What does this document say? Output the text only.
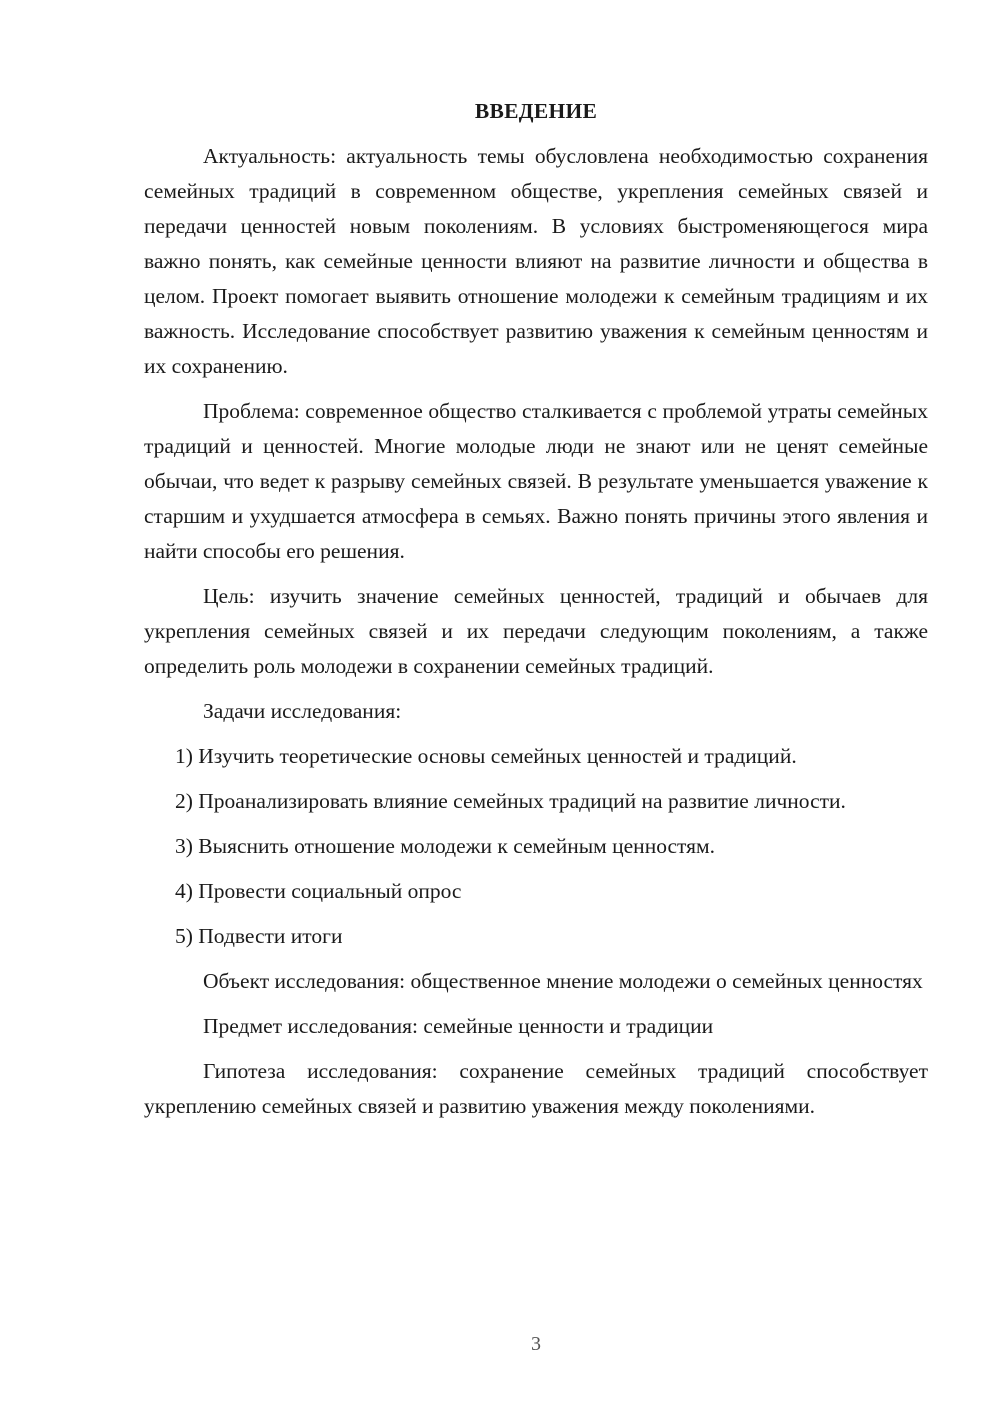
ВВЕДЕНИЕ

Актуальность: актуальность темы обусловлена необходимостью сохранения семейных традиций в современном обществе, укрепления семейных связей и передачи ценностей новым поколениям. В условиях быстроменяющегося мира важно понять, как семейные ценности влияют на развитие личности и общества в целом. Проект помогает выявить отношение молодежи к семейным традициям и их важность. Исследование способствует развитию уважения к семейным ценностям и их сохранению.

Проблема: современное общество сталкивается с проблемой утраты семейных традиций и ценностей. Многие молодые люди не знают или не ценят семейные обычаи, что ведет к разрыву семейных связей. В результате уменьшается уважение к старшим и ухудшается атмосфера в семьях. Важно понять причины этого явления и найти способы его решения.

Цель: изучить значение семейных ценностей, традиций и обычаев для укрепления семейных связей и их передачи следующим поколениям, а также определить роль молодежи в сохранении семейных традиций.

Задачи исследования:

1) Изучить теоретические основы семейных ценностей и традиций.

2) Проанализировать влияние семейных традиций на развитие личности.

3) Выяснить отношение молодежи к семейным ценностям.

4) Провести социальный опрос

5) Подвести итоги

Объект исследования: общественное мнение молодежи о семейных ценностях

Предмет исследования: семейные ценности и традиции

Гипотеза исследования: сохранение семейных традиций способствует укреплению семейных связей и развитию уважения между поколениями.

3
